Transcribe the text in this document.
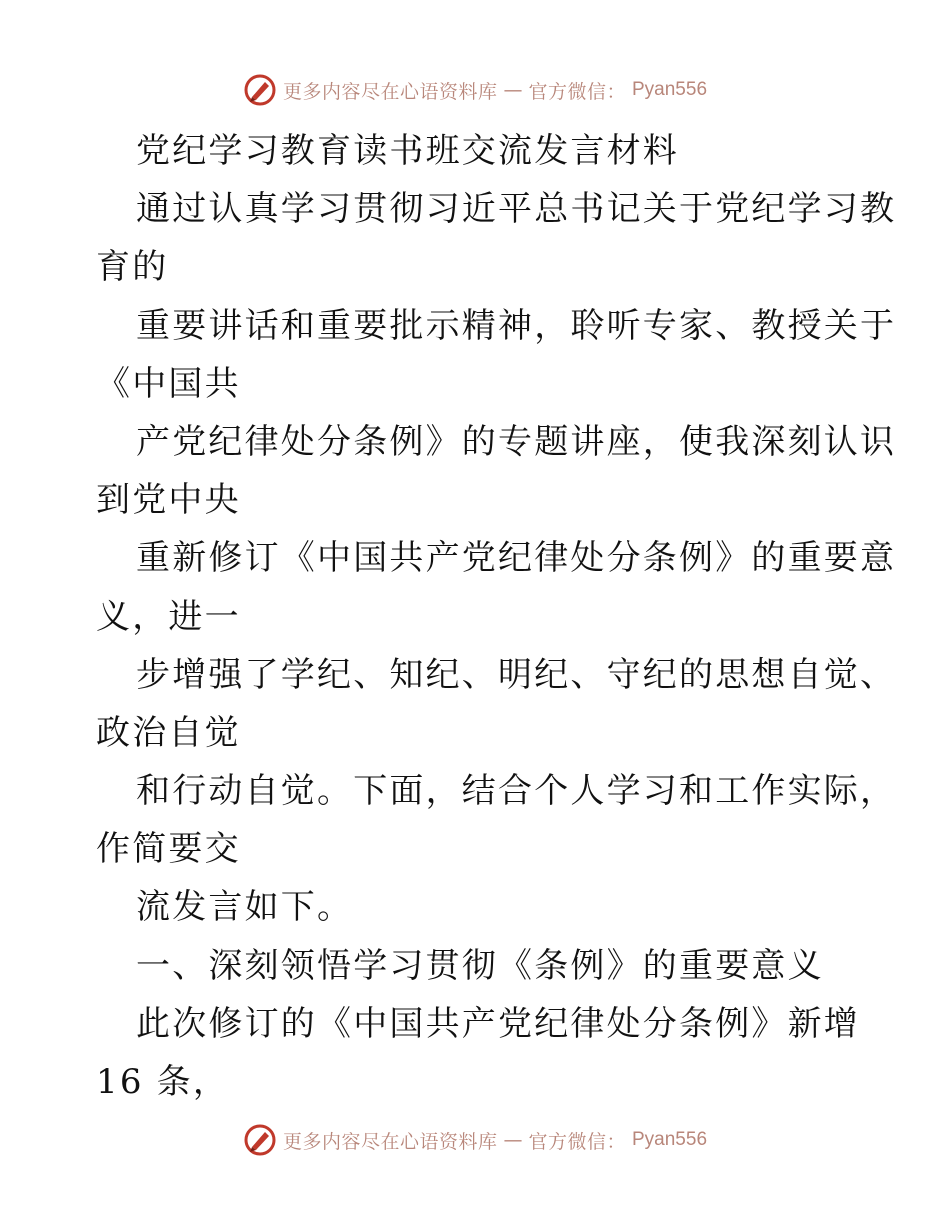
更多内容尽在心语资料库 — 官方微信： Pyan556
党纪学习教育读书班交流发言材料
通过认真学习贯彻习近平总书记关于党纪学习教
育的
重要讲话和重要批示精神，聆听专家、教授关于
《中国共
产党纪律处分条例》的专题讲座，使我深刻认识
到党中央
重新修订《中国共产党纪律处分条例》的重要意
义，进一
步增强了学纪、知纪、明纪、守纪的思想自觉、
政治自觉
和行动自觉。下面，结合个人学习和工作实际，
作简要交
流发言如下。
一、深刻领悟学习贯彻《条例》的重要意义
此次修订的《中国共产党纪律处分条例》新增
16 条，
更多内容尽在心语资料库 — 官方微信： Pyan556
